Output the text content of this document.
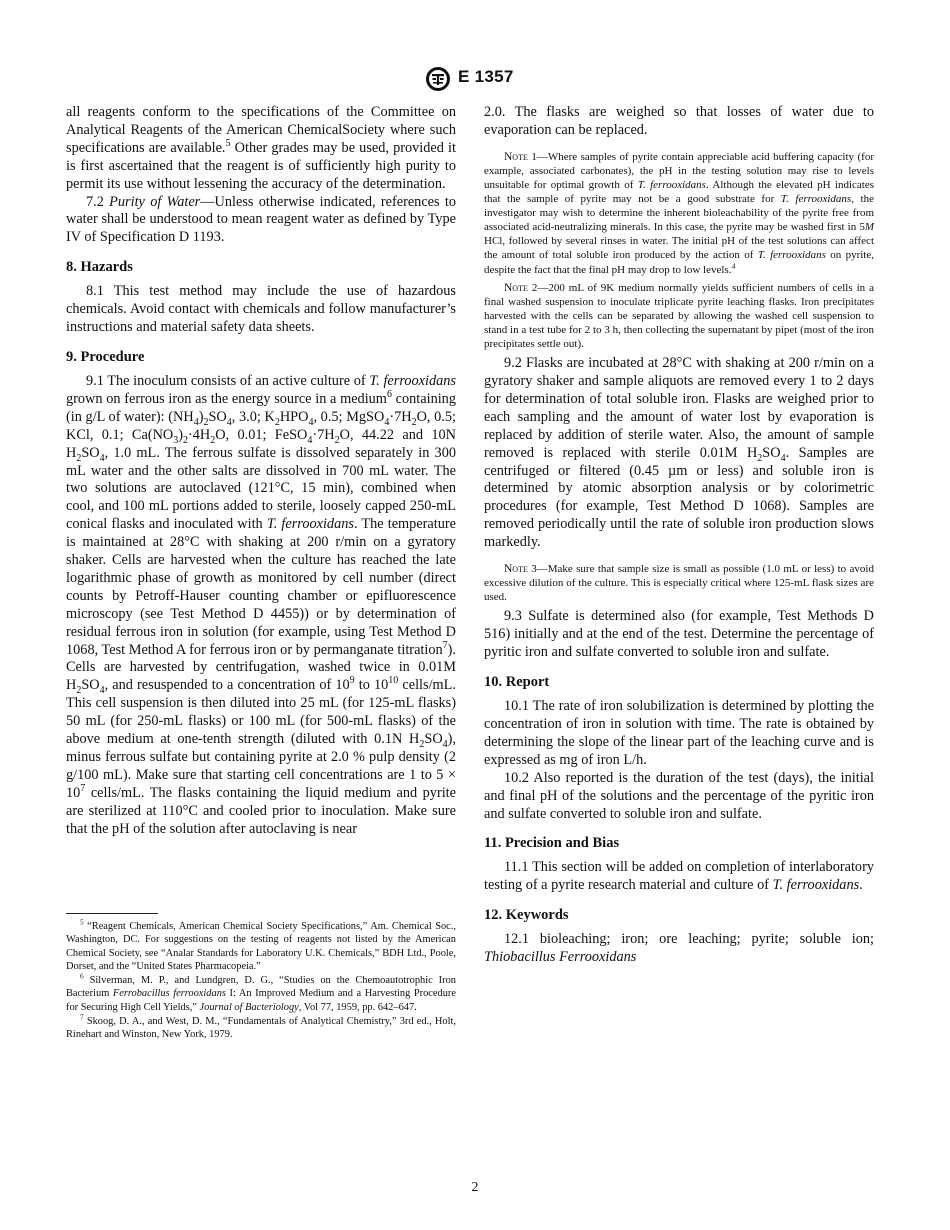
E 1357

all reagents conform to the specifications of the Committee on Analytical Reagents of the American ChemicalSociety where such specifications are available.$^5$ Other grades may be used, provided it is first ascertained that the reagent is of sufficiently high purity to permit its use without lessening the accuracy of the determination.

7.2 Purity of Water—Unless otherwise indicated, references to water shall be understood to mean reagent water as defined by Type IV of Specification D 1193.

8. Hazards

8.1 This test method may include the use of hazardous chemicals. Avoid contact with chemicals and follow manufacturer’s instructions and material safety data sheets.

9. Procedure

9.1 The inoculum consists of an active culture of T. ferrooxidans grown on ferrous iron as the energy source in a medium$^6$ containing (in g/L of water): $(NH_4)_2SO_4$, 3.0; $K_2HPO_4$, 0.5; $MgSO_4\cdot 7H_2O$, 0.5; KCl, 0.1; $Ca(NO_3)_2\cdot 4H_2O$, 0.01; $FeSO_4\cdot 7H_2O$, 44.22 and 10N $H_2SO_4$, 1.0 mL. The ferrous sulfate is dissolved separately in 300 mL water and the other salts are dissolved in 700 mL water. The two solutions are autoclaved (121°C, 15 min), combined when cool, and 100 mL portions added to sterile, loosely capped 250-mL conical flasks and inoculated with T. ferrooxidans. The temperature is maintained at 28°C with shaking at 200 r/min on a gyratory shaker. Cells are harvested when the culture has reached the late logarithmic phase of growth as monitored by cell number (direct counts by Petroff-Hauser counting chamber or epifluorescence microscopy (see Test Method D 4455)) or by determination of residual ferrous iron in solution (for example, using Test Method D 1068, Test Method A for ferrous iron or by permanganate titration$^7$). Cells are harvested by centrifugation, washed twice in 0.01M $H_2SO_4$, and resuspended to a concentration of $10^9$ to $10^{10}$ cells/mL. This cell suspension is then diluted into 25 mL (for 125-mL flasks) 50 mL (for 250-mL flasks) or 100 mL (for 500-mL flasks) of the above medium at one-tenth strength (diluted with 0.1N $H_2SO_4$), minus ferrous sulfate but containing pyrite at 2.0 % pulp density (2 g/100 mL). Make sure that starting cell concentrations are 1 to $5 \times 10^7$ cells/mL. The flasks containing the liquid medium and pyrite are sterilized at 110°C and cooled prior to inoculation. Make sure that the pH of the solution after autoclaving is near

$^5$ “Reagent Chemicals, American Chemical Society Specifications,” Am. Chemical Soc., Washington, DC. For suggestions on the testing of reagents not listed by the American Chemical Society, see “Analar Standards for Laboratory U.K. Chemicals,” BDH Ltd., Poole, Dorset, and the “United States Pharmacopeia.”

$^6$ Silverman, M. P., and Lundgren, D. G., “Studies on the Chemoautotrophic Iron Bacterium Ferrobacillus ferrooxidans I: An Improved Medium and a Harvesting Procedure for Securing High Cell Yields,” Journal of Bacteriology, Vol 77, 1959, pp. 642–647.

$^7$ Skoog, D. A., and West, D. M., “Fundamentals of Analytical Chemistry,” 3rd ed., Holt, Rinehart and Winston, New York, 1979.

2.0. The flasks are weighed so that losses of water due to evaporation can be replaced.

Note 1—Where samples of pyrite contain appreciable acid buffering capacity (for example, associated carbonates), the pH in the testing solution may rise to levels unsuitable for optimal growth of T. ferrooxidans. Although the elevated pH indicates that the sample of pyrite may not be a good substrate for T. ferrooxidans, the investigator may wish to determine the inherent bioleachability of the pyrite free from associated acid-neutralizing minerals. In this case, the pyrite may be washed first in 5M HCl, followed by several rinses in water. The initial pH of the test solutions can affect the amount of total soluble iron produced by the action of T. ferrooxidans on pyrite, despite the fact that the final pH may drop to low levels.$^4$

Note 2—200 mL of 9K medium normally yields sufficient numbers of cells in a final washed suspension to inoculate triplicate pyrite leaching flasks. Iron precipitates harvested with the cells can be separated by allowing the washed cell suspension to stand in a test tube for 2 to 3 h, then collecting the supernatant by pipet (most of the iron precipitates settle out).

9.2 Flasks are incubated at 28°C with shaking at 200 r/min on a gyratory shaker and sample aliquots are removed every 1 to 2 days for determination of total soluble iron. Flasks are weighed prior to each sampling and the amount of water lost by evaporation is replaced by addition of sterile water. Also, the amount of sample removed is replaced with sterile 0.01M $H_2SO_4$. Samples are centrifuged or filtered (0.45 µm or less) and soluble iron is determined by atomic absorption analysis or by colorimetric procedures (for example, Test Method D 1068). Samples are removed periodically until the rate of soluble iron production slows markedly.

Note 3—Make sure that sample size is small as possible (1.0 mL or less) to avoid excessive dilution of the culture. This is especially critical where 125-mL flask sizes are used.

9.3 Sulfate is determined also (for example, Test Methods D 516) initially and at the end of the test. Determine the percentage of pyritic iron and sulfate converted to soluble iron and sulfate.

10. Report

10.1 The rate of iron solubilization is determined by plotting the concentration of iron in solution with time. The rate is obtained by determining the slope of the linear part of the leaching curve and is expressed as mg of iron L/h.

10.2 Also reported is the duration of the test (days), the initial and final pH of the solutions and the percentage of the pyritic iron and sulfate converted to soluble iron and sulfate.

11. Precision and Bias

11.1 This section will be added on completion of interlaboratory testing of a pyrite research material and culture of T. ferrooxidans.

12. Keywords

12.1 bioleaching; iron; ore leaching; pyrite; soluble ion; Thiobacillus Ferrooxidans

2
